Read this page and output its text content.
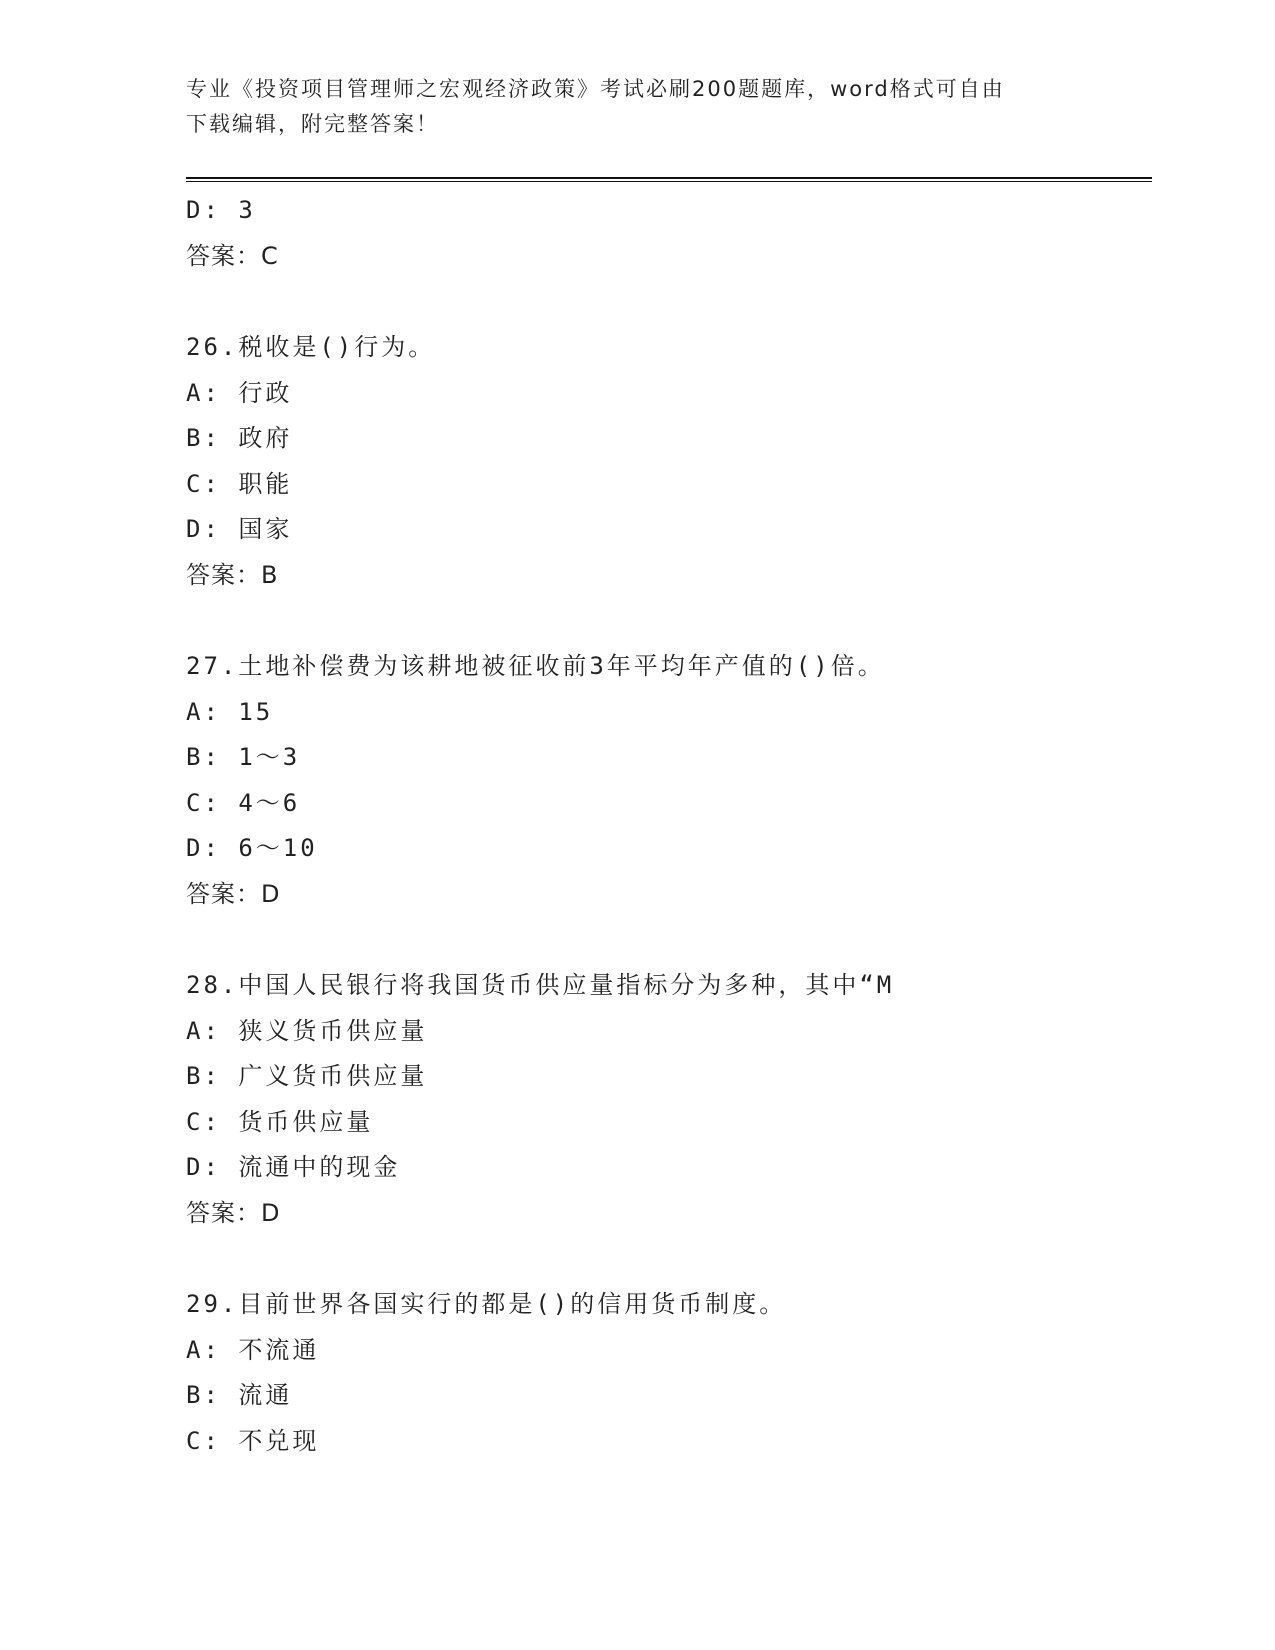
专业《投资项目管理师之宏观经济政策》考试必刷200题题库，word格式可自由
下载编辑，附完整答案！
D: 3
答案：C
26.税收是()行为。
A: 行政
B: 政府
C: 职能
D: 国家
答案：B
27.土地补偿费为该耕地被征收前3年平均年产值的()倍。
A: 15
B: 1～3
C: 4～6
D: 6～10
答案：D
28.中国人民银行将我国货币供应量指标分为多种，其中“M
A: 狭义货币供应量
B: 广义货币供应量
C: 货币供应量
D: 流通中的现金
答案：D
29.目前世界各国实行的都是()的信用货币制度。
A: 不流通
B: 流通
C: 不兑现
